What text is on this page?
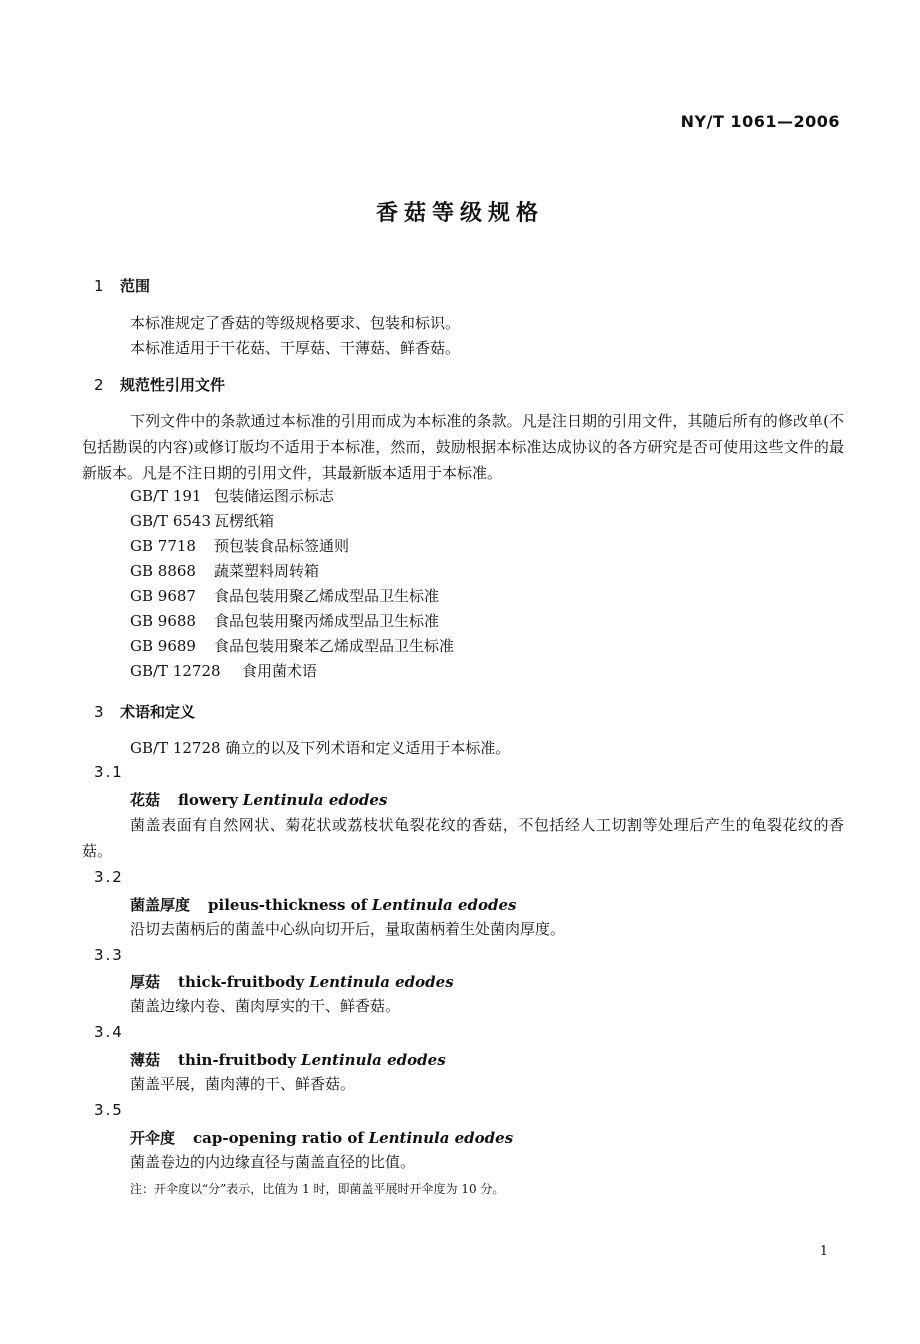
NY/T 1061—2006
香菇等级规格
1 范围
本标准规定了香菇的等级规格要求、包装和标识。
本标准适用于干花菇、干厚菇、干薄菇、鲜香菇。
2 规范性引用文件
下列文件中的条款通过本标准的引用而成为本标准的条款。凡是注日期的引用文件，其随后所有的修改单(不包括勘误的内容)或修订版均不适用于本标准，然而，鼓励根据本标准达成协议的各方研究是否可使用这些文件的最新版本。凡是不注日期的引用文件，其最新版本适用于本标准。
GB/T 191 包装储运图示标志
GB/T 6543 瓦楞纸箱
GB 7718 预包装食品标签通则
GB 8868 蔬菜塑料周转箱
GB 9687 食品包装用聚乙烯成型品卫生标准
GB 9688 食品包装用聚丙烯成型品卫生标准
GB 9689 食品包装用聚苯乙烯成型品卫生标准
GB/T 12728 食用菌术语
3 术语和定义
GB/T 12728 确立的以及下列术语和定义适用于本标准。
3.1
花菇 flowery Lentinula edodes
菌盖表面有自然网状、菊花状或荔枝状龟裂花纹的香菇，不包括经人工切割等处理后产生的龟裂花纹的香菇。
3.2
菌盖厚度 pileus-thickness of Lentinula edodes
沿切去菌柄后的菌盖中心纵向切开后，量取菌柄着生处菌肉厚度。
3.3
厚菇 thick-fruitbody Lentinula edodes
菌盖边缘内卷、菌肉厚实的干、鲜香菇。
3.4
薄菇 thin-fruitbody Lentinula edodes
菌盖平展，菌肉薄的干、鲜香菇。
3.5
开伞度 cap-opening ratio of Lentinula edodes
菌盖卷边的内边缘直径与菌盖直径的比值。
注：开伞度以“分”表示，比值为 1 时，即菌盖平展时开伞度为 10 分。
1
